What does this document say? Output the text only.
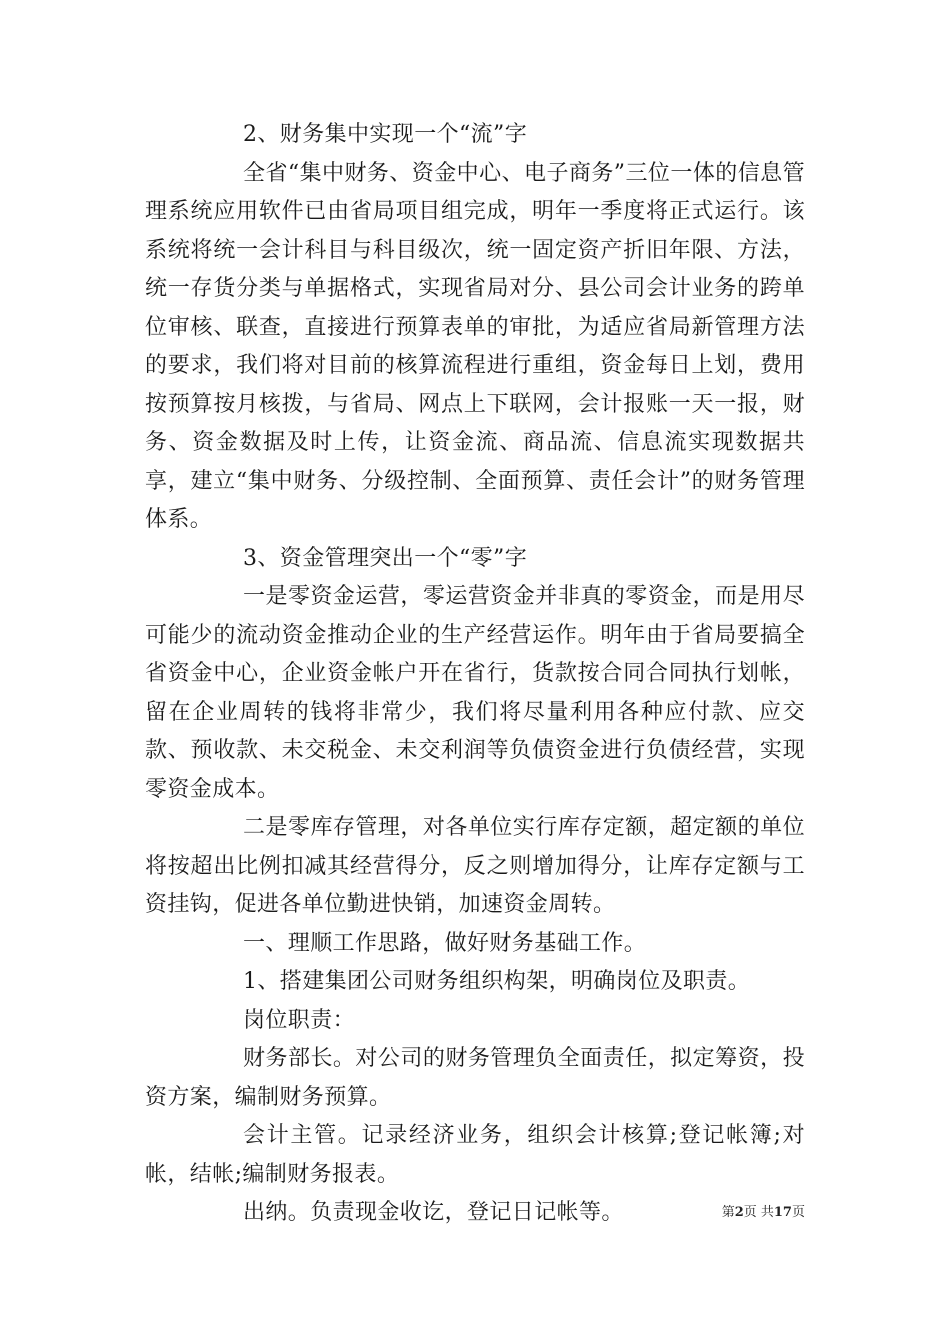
2、财务集中实现一个“流”字

全省“集中财务、资金中心、电子商务”三位一体的信息管理系统应用软件已由省局项目组完成，明年一季度将正式运行。该系统将统一会计科目与科目级次，统一固定资产折旧年限、方法，统一存货分类与单据格式，实现省局对分、县公司会计业务的跨单位审核、联查，直接进行预算表单的审批，为适应省局新管理方法的要求，我们将对目前的核算流程进行重组，资金每日上划，费用按预算按月核拨，与省局、网点上下联网，会计报账一天一报，财务、资金数据及时上传，让资金流、商品流、信息流实现数据共享，建立“集中财务、分级控制、全面预算、责任会计”的财务管理体系。

3、资金管理突出一个“零”字

一是零资金运营，零运营资金并非真的零资金，而是用尽可能少的流动资金推动企业的生产经营运作。明年由于省局要搞全省资金中心，企业资金帐户开在省行，货款按合同合同执行划帐，留在企业周转的钱将非常少，我们将尽量利用各种应付款、应交款、预收款、未交税金、未交利润等负债资金进行负债经营，实现零资金成本。

二是零库存管理，对各单位实行库存定额，超定额的单位将按超出比例扣减其经营得分，反之则增加得分，让库存定额与工资挂钩，促进各单位勤进快销，加速资金周转。

一、理顺工作思路，做好财务基础工作。

1、搭建集团公司财务组织构架，明确岗位及职责。

岗位职责：

财务部长。对公司的财务管理负全面责任，拟定筹资，投资方案，编制财务预算。

会计主管。记录经济业务，组织会计核算;登记帐簿;对帐，结帐;编制财务报表。

出纳。负责现金收讫，登记日记帐等。	第2页 共17页
